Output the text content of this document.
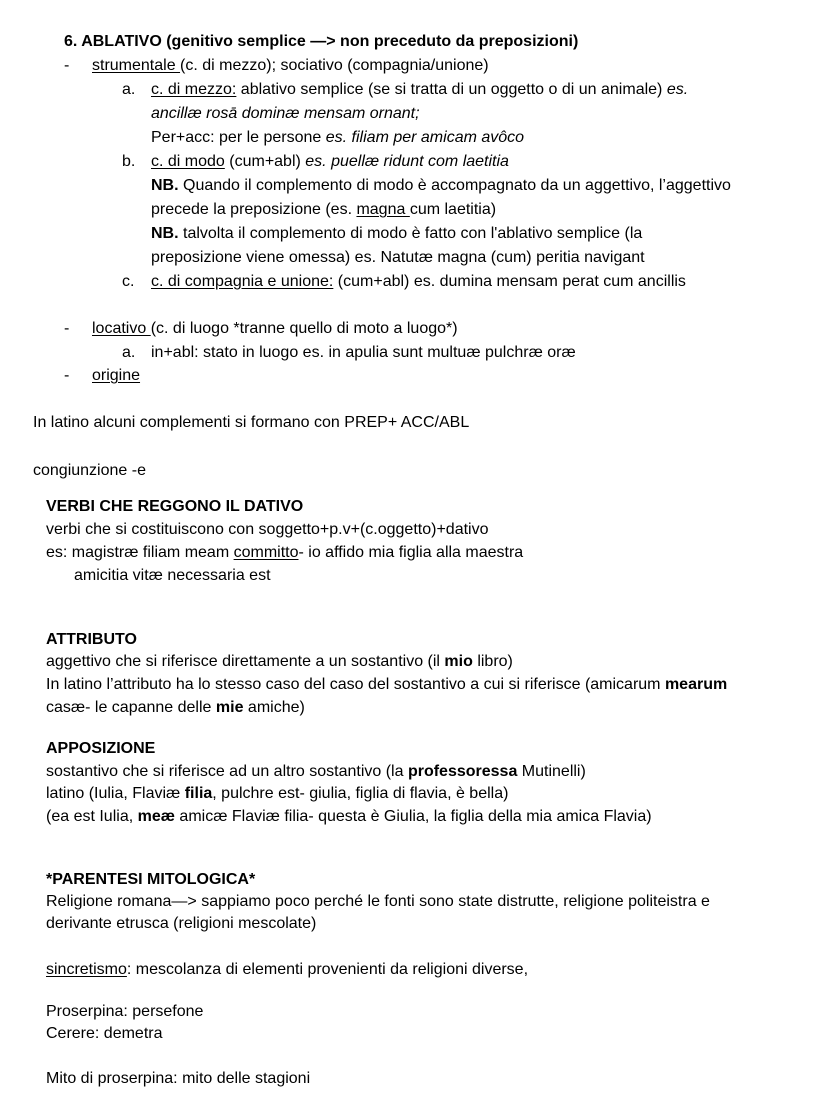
6. ABLATIVO (genitivo semplice —> non preceduto da preposizioni)
- strumentale (c. di mezzo); sociativo (compagnia/unione)
a. c. di mezzo: ablativo semplice (se si tratta di un oggetto o di un animale) es.
ancillæ rosā dominæ mensam ornant;
Per+acc: per le persone es. filiam per amicam avôco
b. c. di modo (cum+abl) es. puellæ ridunt com laetitia
NB. Quando il complemento di modo è accompagnato da un aggettivo, l’aggettivo
precede la preposizione (es. magna cum laetitia)
NB. talvolta il complemento di modo è fatto con l'ablativo semplice (la
preposizione viene omessa) es. Natutæ magna (cum) peritia navigant
c. c. di compagnia e unione: (cum+abl) es. dumina mensam perat cum ancillis
- locativo (c. di luogo *tranne quello di moto a luogo*)
a. in+abl: stato in luogo es. in apulia sunt multuæ pulchræ oræ
- origine
In latino alcuni complementi si formano con PREP+ ACC/ABL
congiunzione -e
VERBI CHE REGGONO IL DATIVO
verbi che si costituiscono con soggetto+p.v+(c.oggetto)+dativo
es: magistræ filiam meam committo- io affido mia figlia alla maestra
amicitia vitæ necessaria est
ATTRIBUTO
aggettivo che si riferisce direttamente a un sostantivo (il mio libro)
In latino l’attributo ha lo stesso caso del caso del sostantivo a cui si riferisce (amicarum mearum
casæ- le capanne delle mie amiche)
APPOSIZIONE
sostantivo che si riferisce ad un altro sostantivo (la professoressa Mutinelli)
latino (Iulia, Flaviæ filia, pulchre est- giulia, figlia di flavia, è bella)
(ea est Iulia, meæ amicæ Flaviæ filia- questa è Giulia, la figlia della mia amica Flavia)
*PARENTESI MITOLOGICA*
Religione romana—> sappiamo poco perché le fonti sono state distrutte, religione politeistra e
derivante etrusca (religioni mescolate)
sincretismo: mescolanza di elementi provenienti da religioni diverse,
Proserpina: persefone
Cerere: demetra
Mito di proserpina: mito delle stagioni
